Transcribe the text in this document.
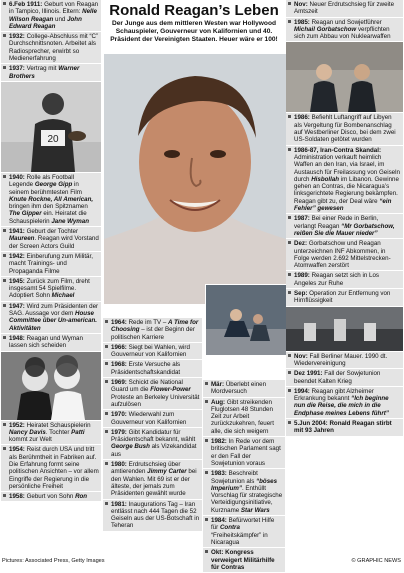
6.Feb 1911: Geburt von Reagan in Tampico, Illinois. Eltern: Nelle Wilson Reagan und John Edward Reagan
1932: College-Abschluss mit “C” Durchschnittsnoten. Arbeitet als Radiosprecher, erwirbt so Medienerfahrung
1937: Vertrag mit Warner Brothers
20
1940: Rolle als Football Legende George Gipp in seinem berühmtesten Film Knute Rockne, All American, bringen ihm den Spitznamen The Gipper ein. Heiratet die Schauspielerin Jane Wyman
1941: Geburt der Tochter Maureen. Reagan wird Vorstand der Screen Actors Guild
1942: Einberufung zum Militär, macht Trainings- und Propaganda Filme
1945: Zurück zum Film, dreht insgesamt 54 Spielfilme. Adoptiert Sohn Michael
1947: Wird zum Präsidenten der SAG. Aussage vor dem House Committee über Un-american. Aktivitäten
1948: Reagan und Wyman lassen sich scheiden
1952: Heiratet Schauspielerin Nancy Davis. Tochter Patti kommt zur Welt
1954: Reist durch USA und tritt als Berühmtheit in Fabriken auf. Die Erfahrung formt seine politischen Ansichten – vor allem Eingriffe der Regierung in die persönliche Freiheit
1958: Geburt von Sohn Ron
Ronald Reagan’s Leben
Der Junge aus dem mittleren Westen war Hollywood Schauspieler, Gouverneur von Kalifornien und 40. Präsident der Vereinigten Staaten. Heuer wäre er 100!
1964: Rede im TV – A Time for Choosing – ist der Beginn der politischen Karriere
1966: Siegt bei Wahlen, wird Gouverneur von Kalifornien
1968: Erste Versuche als Präsidentschaftskandidat
1969: Schickt die National Guard um die Flower-Power Proteste an Berkeley Universität aufzulösen
1970: Wiederwahl zum Gouverneur von Kalifornien
1979: Gibt Kandidatur für Präsidentschaft bekannt, wählt George Bush als Vizekandidat aus
1980: Erdrutschsieg über amtierenden Jimmy Carter bei den Wahlen. Mit 69 ist er der älteste, der jemals zum Präsidenten gewählt wurde
1981: Inaugurations Tag – Iran entlässt nach 444 Tagen die 52 Geiseln aus der US-Botschaft in Teheran
Mär: Überlebt einen Mordversuch
Aug: Gibt streikenden Fluglotsen 48 Stunden Zeit zur Arbeit zurückzukehren, feuert alle, die sich weigern
1982: In Rede vor dem britischen Parlament sagt er den Fall der Sowjetunion voraus
1983: Beschreibt Sowjetunion als “böses Imperium”. Enthüllt Vorschlag für strategische Verteidigungsinitiative, Kurzname Star Wars
1984: Befürwortet Hilfe für Contra “Freiheitskämpfer” in Nicaragua
Okt: Kongress verweigert Militärhilfe für Contras
Nov: Neuer Erdrutschsieg für zweite Amtszeit
1985: Reagan und Sowjetführer Michail Gorbatschow verpflichten sich zum Abbau von Nuklearwaffen
1986: Befiehlt Luftangriff auf Libyen als Vergeltung für Bombenanschlag auf Westberliner Disco, bei dem zwei US-Soldaten getötet wurden
1986-87, Iran-Contra Skandal: Administration verkauft heimlich Waffen an den Iran, via Israel, im Austausch für Freilassung von Geiseln durch Hisbollah im Libanon. Gewinne gehen an Contras, die Nicaragua’s linksgerichtete Regierung bekämpfen. Reagan gibt zu, der Deal wäre “ein Fehler” gewesen
1987: Bei einer Rede in Berlin, verlangt Reagan “Mr Gorbatschow, reißen Sie die Mauer nieder”
Dez: Gorbatschow und Reagan unterzeichnen INF Abkommen, in Folge werden 2.692 Mittelstrecken-Atomwaffen zerstört
1989: Reagan setzt sich in Los Angeles zur Ruhe
Sep: Operation zur Entfernung von Hirnflüssigkeit
Nov: Fall Berliner Mauer. 1990 dt. Wiedervereinigung
Dez 1991: Fall der Sowjetunion beendet Kalten Krieg
1994: Reagan gibt Alzheimer Erkrankung bekannt “Ich beginne nun die Reise, die mich in die Endphase meines Lebens führt”
5.Jun 2004: Ronald Reagan stirbt mit 93 Jahren
Pictures: Associated Press, Getty Images	© GRAPHIC NEWS
